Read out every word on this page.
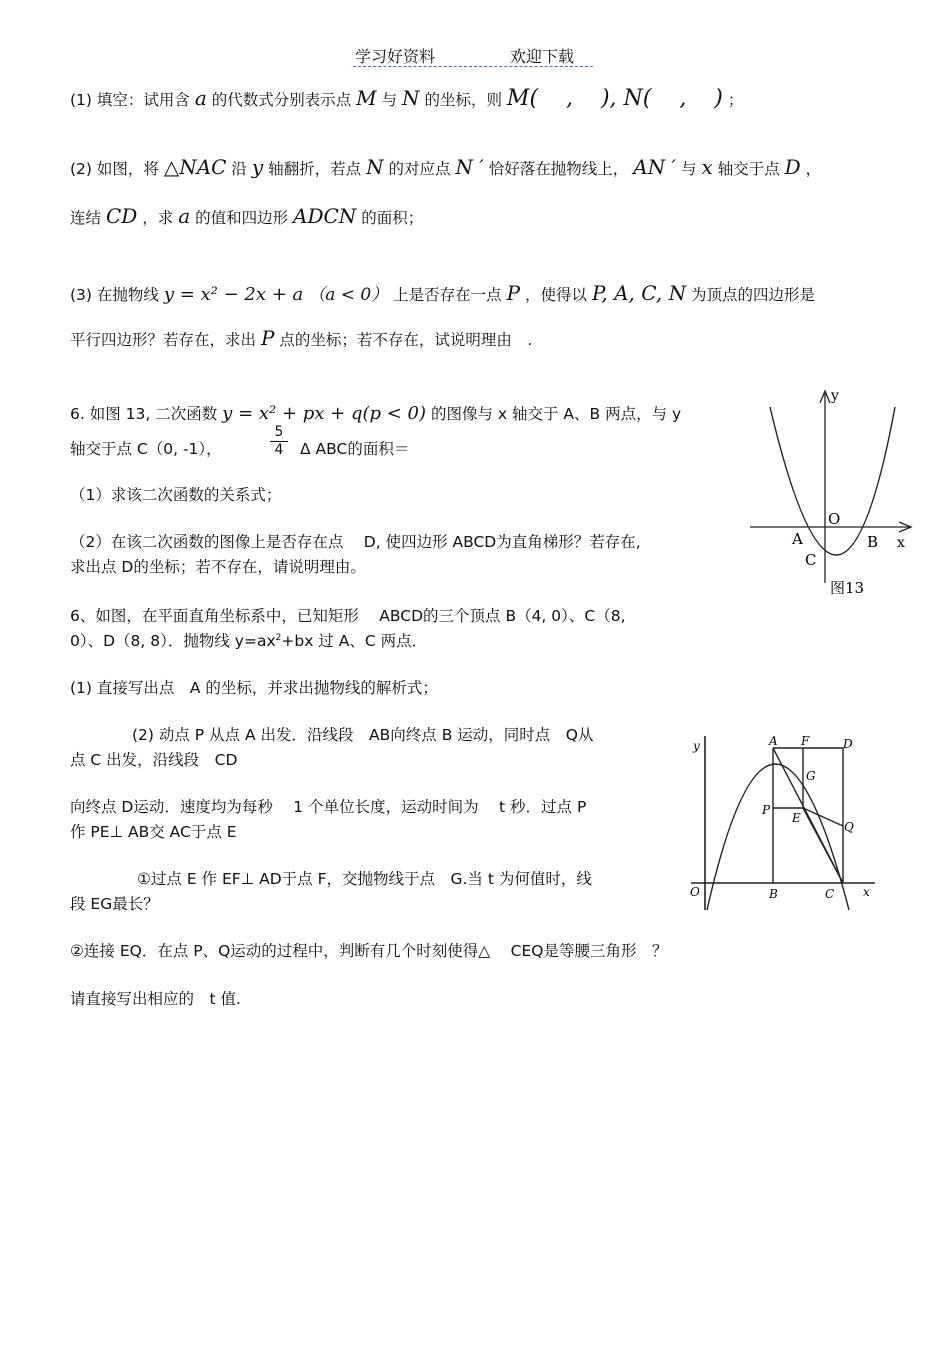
学习好资料	欢迎下载
(1) 填空：试用含 a 的代数式分别表示点 M 与 N 的坐标，则 M(    ,    ), N(    ,    ) ；
(2) 如图，将 △NAC 沿 y 轴翻折，若点 N 的对应点 N ′ 恰好落在抛物线上， AN ′ 与 x 轴交于点 D ，
连结 CD ，求 a 的值和四边形 ADCN 的面积；
(3) 在抛物线 y = x² − 2x + a （a < 0） 上是否存在一点 P ，使得以 P, A, C, N 为顶点的四边形是
平行四边形？若存在，求出 P 点的坐标；若不存在，试说明理由　.
6. 如图 13, 二次函数 y = x² + px + q(p < 0) 的图像与 x 轴交于 A、B 两点，与 y
轴交于点 C（0, -1），	$\frac{5}{4}$ Δ ABC的面积＝
（1）求该二次函数的关系式；
（2）在该二次函数的图像上是否存在点　 D, 使四边形 ABCD为直角梯形？若存在,
求出点 D的坐标；若不存在，请说明理由。
y
x
O
A	B
C
图13
6、如图，在平面直角坐标系中，已知矩形　 ABCD的三个顶点 B（4, 0）、C（8,
0）、D（8, 8）．抛物线 $y=ax^2+bx$ 过 A、C 两点．
(1) 直接写出点　A 的坐标，并求出抛物线的解析式；
(2) 动点 P 从点 A 出发．沿线段　AB向终点 B 运动，同时点　Q从
点 C 出发，沿线段　CD
向终点 D运动．速度均为每秒　 1 个单位长度，运动时间为　 t 秒．过点 P
作 PE⊥ AB交 AC于点 E
①过点 E 作 EF⊥ AD于点 F，交抛物线于点　G.当 t 为何值时，线
段 EG最长？
②连接 EQ．在点 P、Q运动的过程中，判断有几个时刻使得△　 CEQ是等腰三角形　？
请直接写出相应的　t 值.
y	A F	D
G
P
E
Q
O	B	C x
